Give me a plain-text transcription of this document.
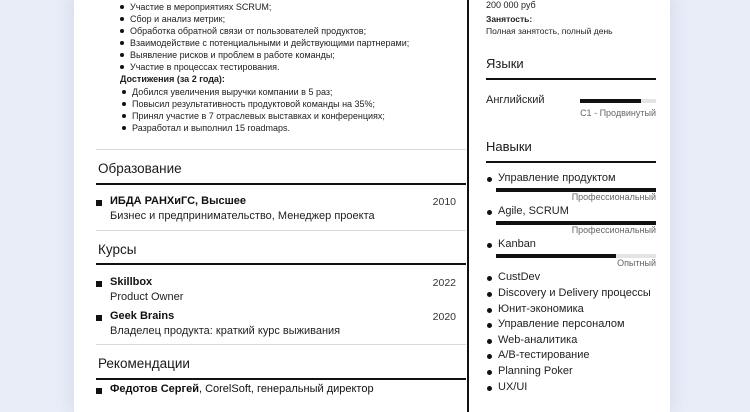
Участие в мероприятиях SCRUM;
Сбор и анализ метрик;
Обработка обратной связи от пользователей продуктов;
Взаимодействие с потенциальными и действующими партнерами;
Выявление рисков и проблем в работе команды;
Участие в процессах тестирования.
Достижения (за 2 года):
Добился увеличения выручки компании в 5 раз;
Повысил результативность продуктовой команды на 35%;
Принял участие в 7 отраслевых выставках и конференциях;
Разработал и выполнил 15 roadmaps.
Образование
ИБДА РАНХиГС, Высшее	2010
Бизнес и предпринимательство, Менеджер проекта
Курсы
Skillbox	2022
Product Owner
Geek Brains	2020
Владелец продукта: краткий курс выживания
Рекомендации
Федотов Сергей, CorelSoft, генеральный директор
200 000 руб
Занятость:
Полная занятость, полный день
Языки
Английский
C1 - Продвинутый
Навыки
Управление продуктом
Профессиональный
Agile, SCRUM
Профессиональный
Kanban
Опытный
CustDev
Discovery и Delivery процессы
Юнит-экономика
Управление персоналом
Web-аналитика
A/B-тестирование
Planning Poker
UX/UI
